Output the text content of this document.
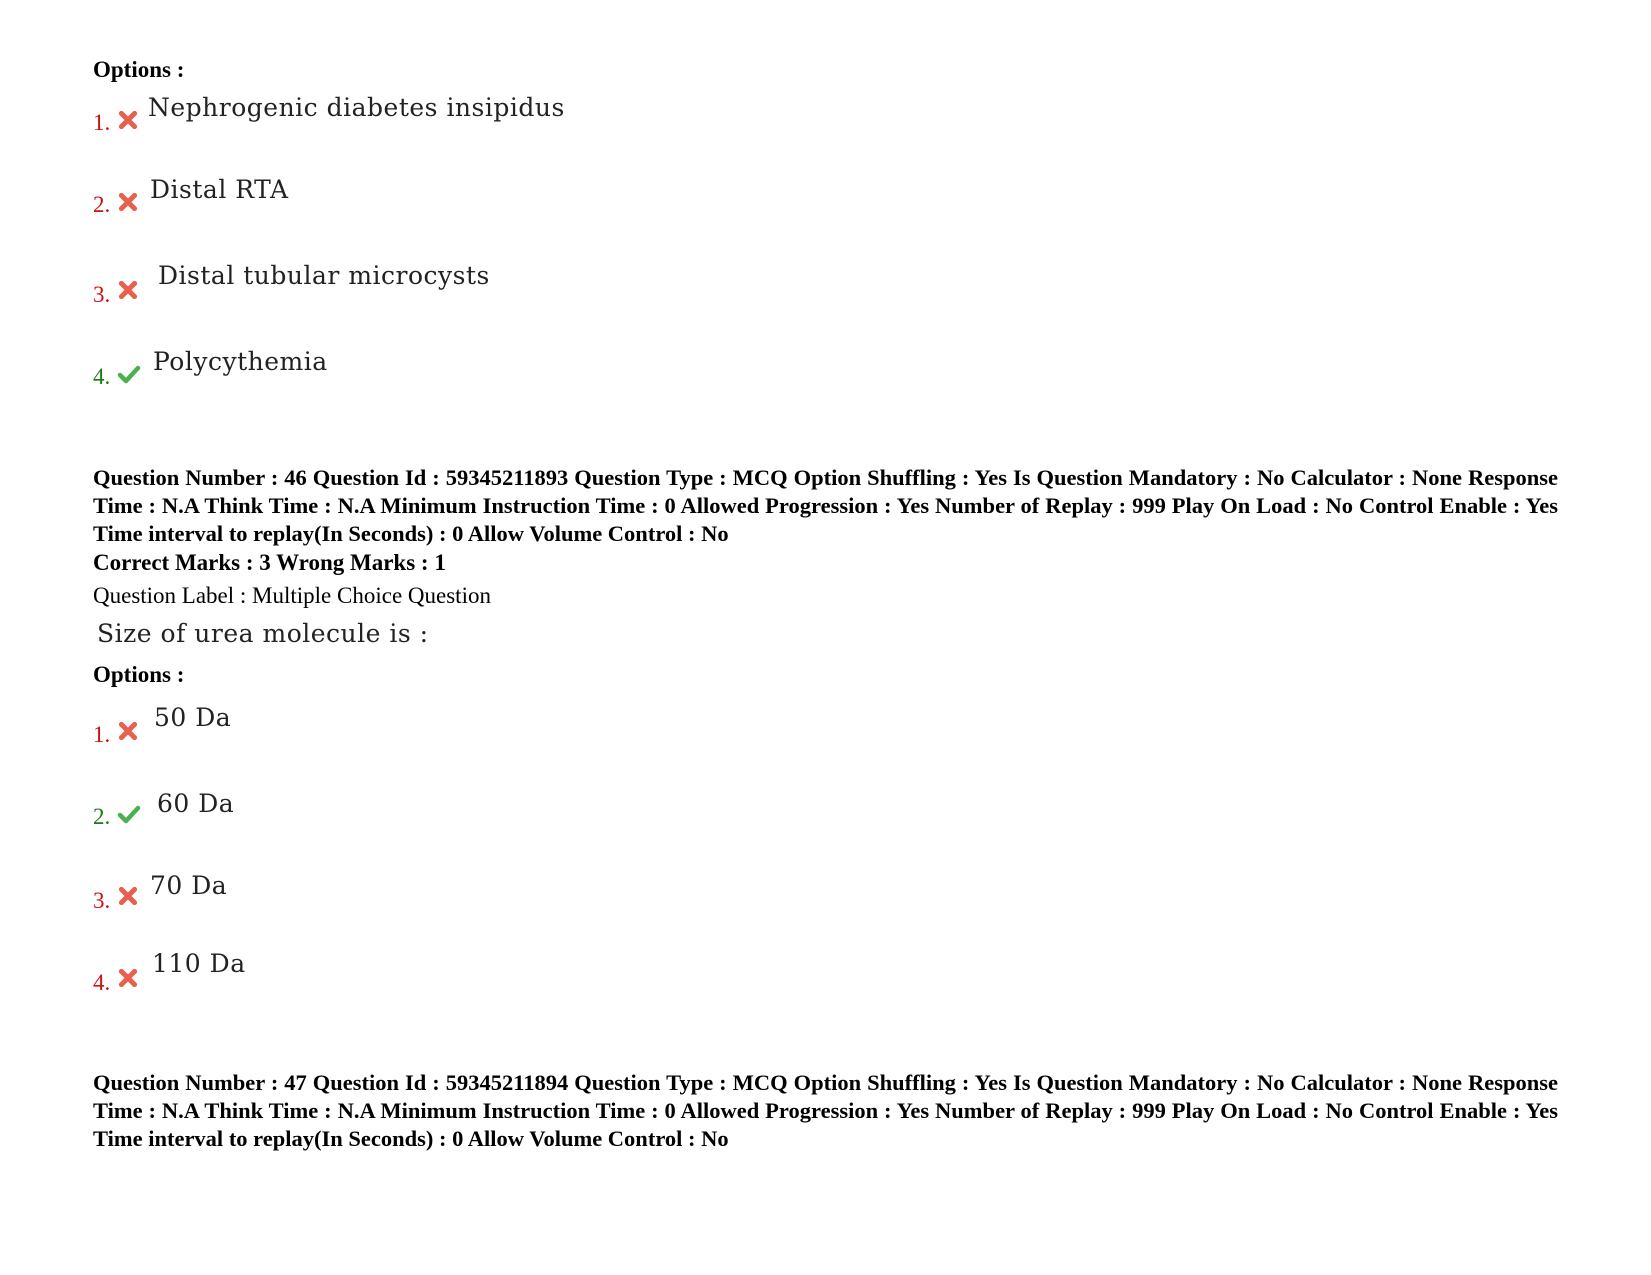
Options :
1.
Nephrogenic diabetes insipidus
2.
Distal RTA
3.
Distal tubular microcysts
4.
Polycythemia
Question Number : 46 Question Id : 59345211893 Question Type : MCQ Option Shuffling : Yes Is Question Mandatory : No Calculator : None Response Time : N.A Think Time : N.A Minimum Instruction Time : 0 Allowed Progression : Yes Number of Replay : 999 Play On Load : No Control Enable : Yes Time interval to replay(In Seconds) : 0 Allow Volume Control : No
Correct Marks : 3 Wrong Marks : 1
Question Label : Multiple Choice Question
Size of urea molecule is :
Options :
1.
50 Da
2. 60 Da
3.
70 Da
4.
110 Da
Question Number : 47 Question Id : 59345211894 Question Type : MCQ Option Shuffling : Yes Is Question Mandatory : No Calculator : None Response Time : N.A Think Time : N.A Minimum Instruction Time : 0 Allowed Progression : Yes Number of Replay : 999 Play On Load : No Control Enable : Yes Time interval to replay(In Seconds) : 0 Allow Volume Control : No
